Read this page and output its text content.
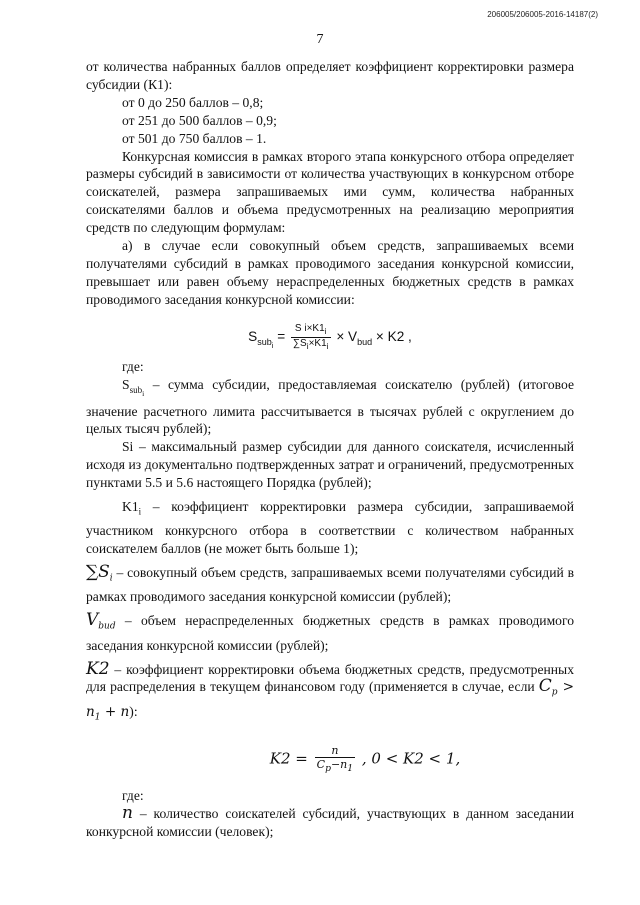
206005/206005-2016-14187(2)
7

от количества набранных баллов определяет коэффициент корректировки размера субсидии (К1):

от 0 до 250 баллов – 0,8;

от 251 до 500 баллов – 0,9;

от 501 до 750 баллов – 1.

Конкурсная комиссия в рамках второго этапа конкурсного отбора определяет размеры субсидий в зависимости от количества участвующих в конкурсном отборе соискателей, размера запрашиваемых ими сумм, количества набранных соискателями баллов и объема предусмотренных на реализацию мероприятия средств по следующим формулам:

а) в случае если совокупный объем средств, запрашиваемых всеми получателями субсидий в рамках проводимого заседания конкурсной комиссии, превышает или равен объему нераспределенных бюджетных средств в рамках проводимого заседания конкурсной комиссии:

$S_{sub_i} = \frac{S i\times K1_i}{\sum S_i\times K1_i} \times V_{bud} \times K2$ ,

где:

$S_{sub_i}$ – сумма субсидии, предоставляемая соискателю (рублей) (итоговое значение расчетного лимита рассчитывается в тысячах рублей с округлением до целых тысяч рублей);

Si – максимальный размер субсидии для данного соискателя, исчисленный исходя из документально подтвержденных затрат и ограничений, предусмотренных пунктами 5.5 и 5.6 настоящего Порядка (рублей);

$K1_i$ – коэффициент корректировки размера субсидии, запрашиваемой участником конкурсного отбора в соответствии с количеством набранных соискателем баллов (не может быть больше 1);

$\sum S_i$ – совокупный объем средств, запрашиваемых всеми получателями субсидий в рамках проводимого заседания конкурсной комиссии (рублей);

$V_{bud}$ – объем нераспределенных бюджетных средств в рамках проводимого заседания конкурсной комиссии (рублей);

K2 – коэффициент корректировки объема бюджетных средств, предусмотренных для распределения в текущем финансовом году (применяется в случае, если $C_p > n_1 + n$):

$K2 = \frac{n}{C_p-n_1}$ , 0 < K2 < 1,

где:

n – количество соискателей субсидий, участвующих в данном заседании конкурсной комиссии (человек);
